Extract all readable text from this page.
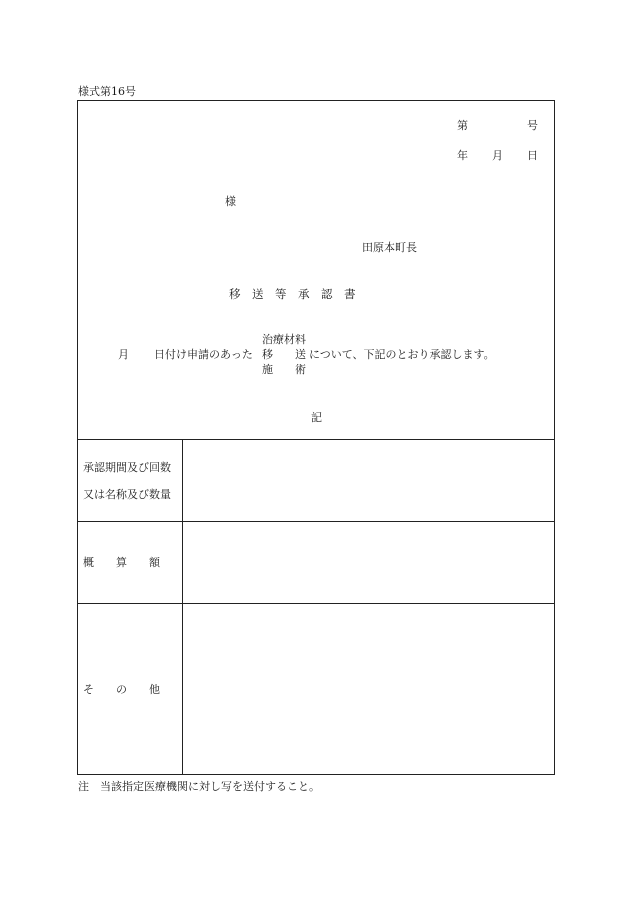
様式第16号
第	号
年 月 日
様
田原本町長
移　送　等　承　認　書
治療材料
月 日付け申請のあった 移　　送 について、下記のとおり承認します。
施　　術
記
承認期間及び回数
又は名称及び数量
概　　算　　額
そ　　の　　他
注　当該指定医療機関に対し写を送付すること。
